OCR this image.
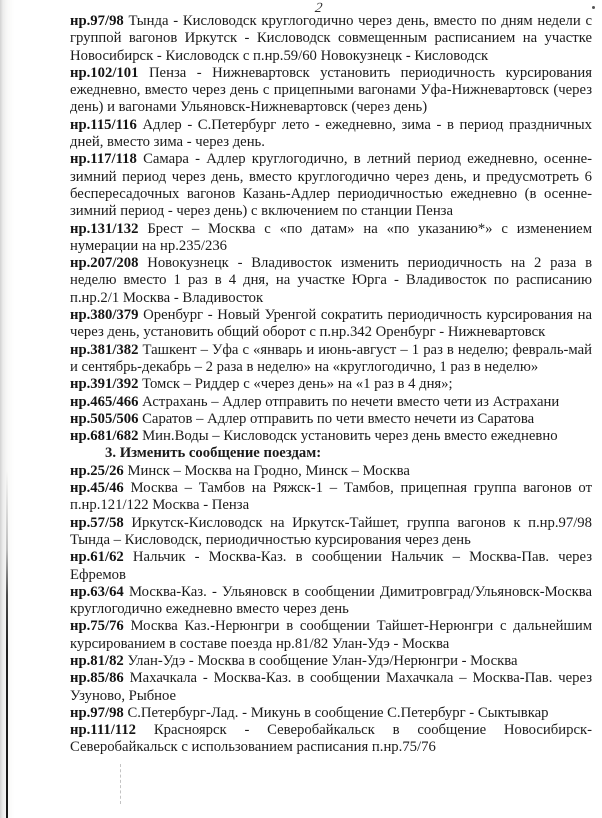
2

нр.97/98 Тында - Кисловодск круглогодично через день, вместо по дням недели с группой вагонов Иркутск - Кисловодск совмещенным расписанием на участке Новосибирск - Кисловодск с п.нр.59/60 Новокузнецк - Кисловодск

нр.102/101 Пенза - Нижневартовск установить периодичность курсирования ежедневно, вместо через день с прицепными вагонами Уфа-Нижневартовск (через день) и вагонами Ульяновск-Нижневартовск (через день)

нр.115/116 Адлер - С.Петербург лето - ежедневно, зима - в период праздничных дней, вместо зима - через день.

нр.117/118 Самара - Адлер круглогодично, в летний период ежедневно, осенне-зимний период через день, вместо круглогодично через день, и предусмотреть 6 беспересадочных вагонов Казань-Адлер периодичностью ежедневно (в осенне-зимний период - через день) с включением по станции Пенза

нр.131/132 Брест – Москва с «по датам» на «по указанию*» с изменением нумерации на нр.235/236

нр.207/208 Новокузнецк - Владивосток изменить периодичность на 2 раза в неделю вместо 1 раз в 4 дня, на участке Юрга - Владивосток по расписанию п.нр.2/1 Москва - Владивосток

нр.380/379 Оренбург - Новый Уренгой сократить периодичность курсирования на через день, установить общий оборот с п.нр.342 Оренбург - Нижневартовск

нр.381/382 Ташкент – Уфа с «январь и июнь-август – 1 раз в неделю; февраль-май и сентябрь-декабрь – 2 раза в неделю» на «круглогодично, 1 раз в неделю»

нр.391/392 Томск – Риддер с «через день» на «1 раз в 4 дня»;

нр.465/466 Астрахань – Адлер отправить по нечети вместо чети из Астрахани

нр.505/506 Саратов – Адлер отправить по чети вместо нечети из Саратова

нр.681/682 Мин.Воды – Кисловодск установить через день вместо ежедневно

3. Изменить сообщение поездам:

нр.25/26 Минск – Москва на Гродно, Минск – Москва

нр.45/46 Москва – Тамбов на Ряжск-1 – Тамбов, прицепная группа вагонов от п.нр.121/122 Москва - Пенза

нр.57/58 Иркутск-Кисловодск на Иркутск-Тайшет, группа вагонов к п.нр.97/98 Тында – Кисловодск, периодичностью курсирования через день

нр.61/62 Нальчик - Москва-Каз. в сообщении Нальчик – Москва-Пав. через Ефремов

нр.63/64 Москва-Каз. - Ульяновск в сообщении Димитровград/Ульяновск-Москва круглогодично ежедневно вместо через день

нр.75/76 Москва Каз.-Нерюнгри в сообщении Тайшет-Нерюнгри с дальнейшим курсированием в составе поезда нр.81/82 Улан-Удэ - Москва

нр.81/82 Улан-Удэ - Москва в сообщение Улан-Удэ/Нерюнгри - Москва

нр.85/86 Махачкала - Москва-Каз. в сообщении Махачкала – Москва-Пав. через Узуново, Рыбное

нр.97/98 С.Петербург-Лад. - Микунь в сообщение С.Петербург - Сыктывкар

нр.111/112 Красноярск - Северобайкальск в сообщение Новосибирск-Северобайкальск с использованием расписания п.нр.75/76
